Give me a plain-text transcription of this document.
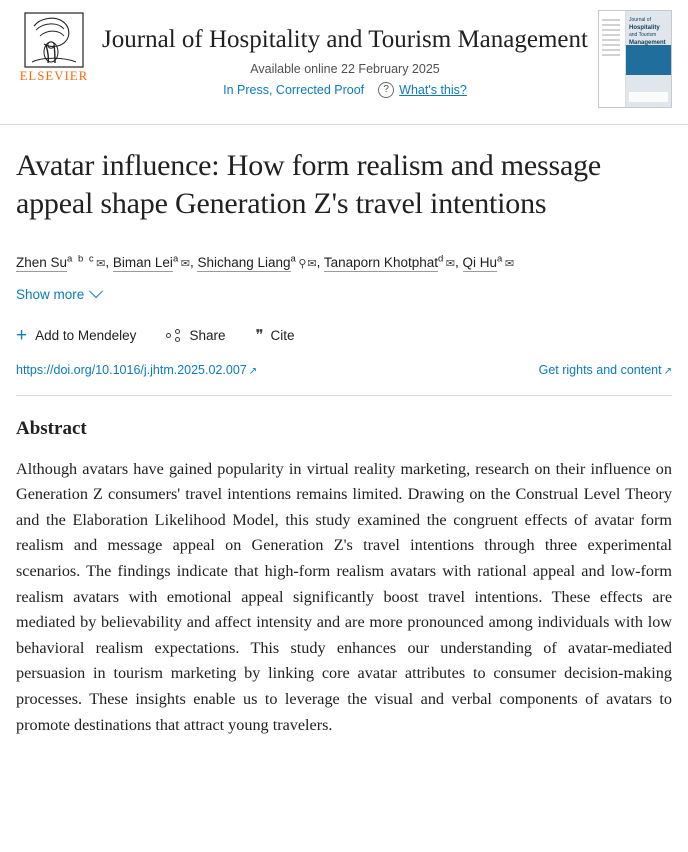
ELSEVIER
Journal of Hospitality and Tourism Management
Available online 22 February 2025
In Press, Corrected Proof	? What's this?
Journal of
Hospitality
and Tourism
Management
Avatar influence: How form realism and message appeal shape Generation Z's travel intentions
Zhen Su$^{a b c}$✉, Biman Lei$^a$✉, Shichang Liang$^a$⚲✉, Tanaporn Khotphat$^d$✉, Qi Hu$^a$✉
Show more
+ Add to Mendeley	Share ❞ Cite
https://doi.org/10.1016/j.jhtm.2025.02.007 ↗	Get rights and content ↗
Abstract

Although avatars have gained popularity in virtual reality marketing, research on their influence on Generation Z consumers' travel intentions remains limited. Drawing on the Construal Level Theory and the Elaboration Likelihood Model, this study examined the congruent effects of avatar form realism and message appeal on Generation Z's travel intentions through three experimental scenarios. The findings indicate that high-form realism avatars with rational appeal and low-form realism avatars with emotional appeal significantly boost travel intentions. These effects are mediated by believability and affect intensity and are more pronounced among individuals with low behavioral realism expectations. This study enhances our understanding of avatar-mediated persuasion in tourism marketing by linking core avatar attributes to consumer decision-making processes. These insights enable us to leverage the visual and verbal components of avatars to promote destinations that attract young travelers.
